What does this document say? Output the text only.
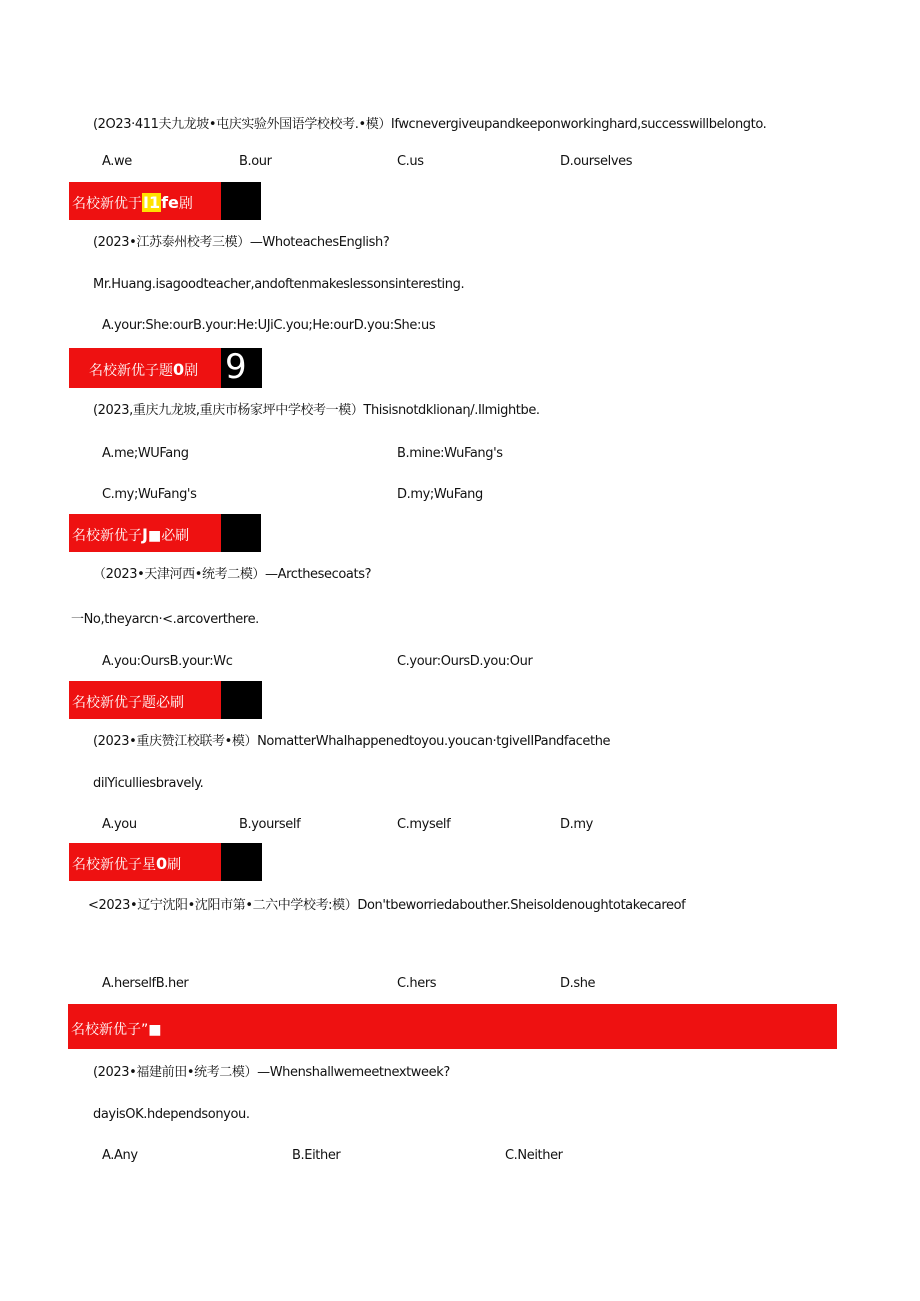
(2O23·411夫九龙坡•屯庆实验外国语学校校考.•模）Ifwcnevergiveupandkeeponworkinghard,successwillbelongto.
A.we	B.our	C.us	D.ourselves
名校新优于I1fe剧
(2023•江苏泰州校考三模）—WhoteachesEnglish?
Mr.Huang.isagoodteacher,andoftenmakeslessonsinteresting.
A.your:She:ourB.your:He:UJiC.you;He:ourD.you:She:us
名校新优子题0剧 9
(2023,重庆九龙坡,重庆市杨家坪中学校考一模）Thisisnotdklionaη/.Ilmightbe.
A.me;WUFang	B.mine:WuFang's
C.my;WuFang's	D.my;WuFang
名校新优子J■必刷
（2023•天津河西•统考二模）—Arcthesecoats?
一No,theyarcn·<.arcoverthere.
A.you:OursB.your:Wc	C.your:OursD.you:Our
名校新优子题必刷
(2023•重庆赞江校联考•模）NomatterWhaIhappenedtoyou.youcan·tgiveIIPandfacethe
dilYiculliesbravely.
A.you	B.yourself	C.myself	D.my
名校新优子星0刷
<2023•辽宁沈阳•沈阳市第•二六中学校考:模）Don'tbeworriedabouther.Sheisoldenoughtotakecareof
A.herselfB.her	C.hers	D.she
名校新优子”■
(2023•福建前田•统考二模）—Whenshallwemeetnextweek?
dayisOK.hdependsonyou.
A.Any	B.Either	C.Neither
